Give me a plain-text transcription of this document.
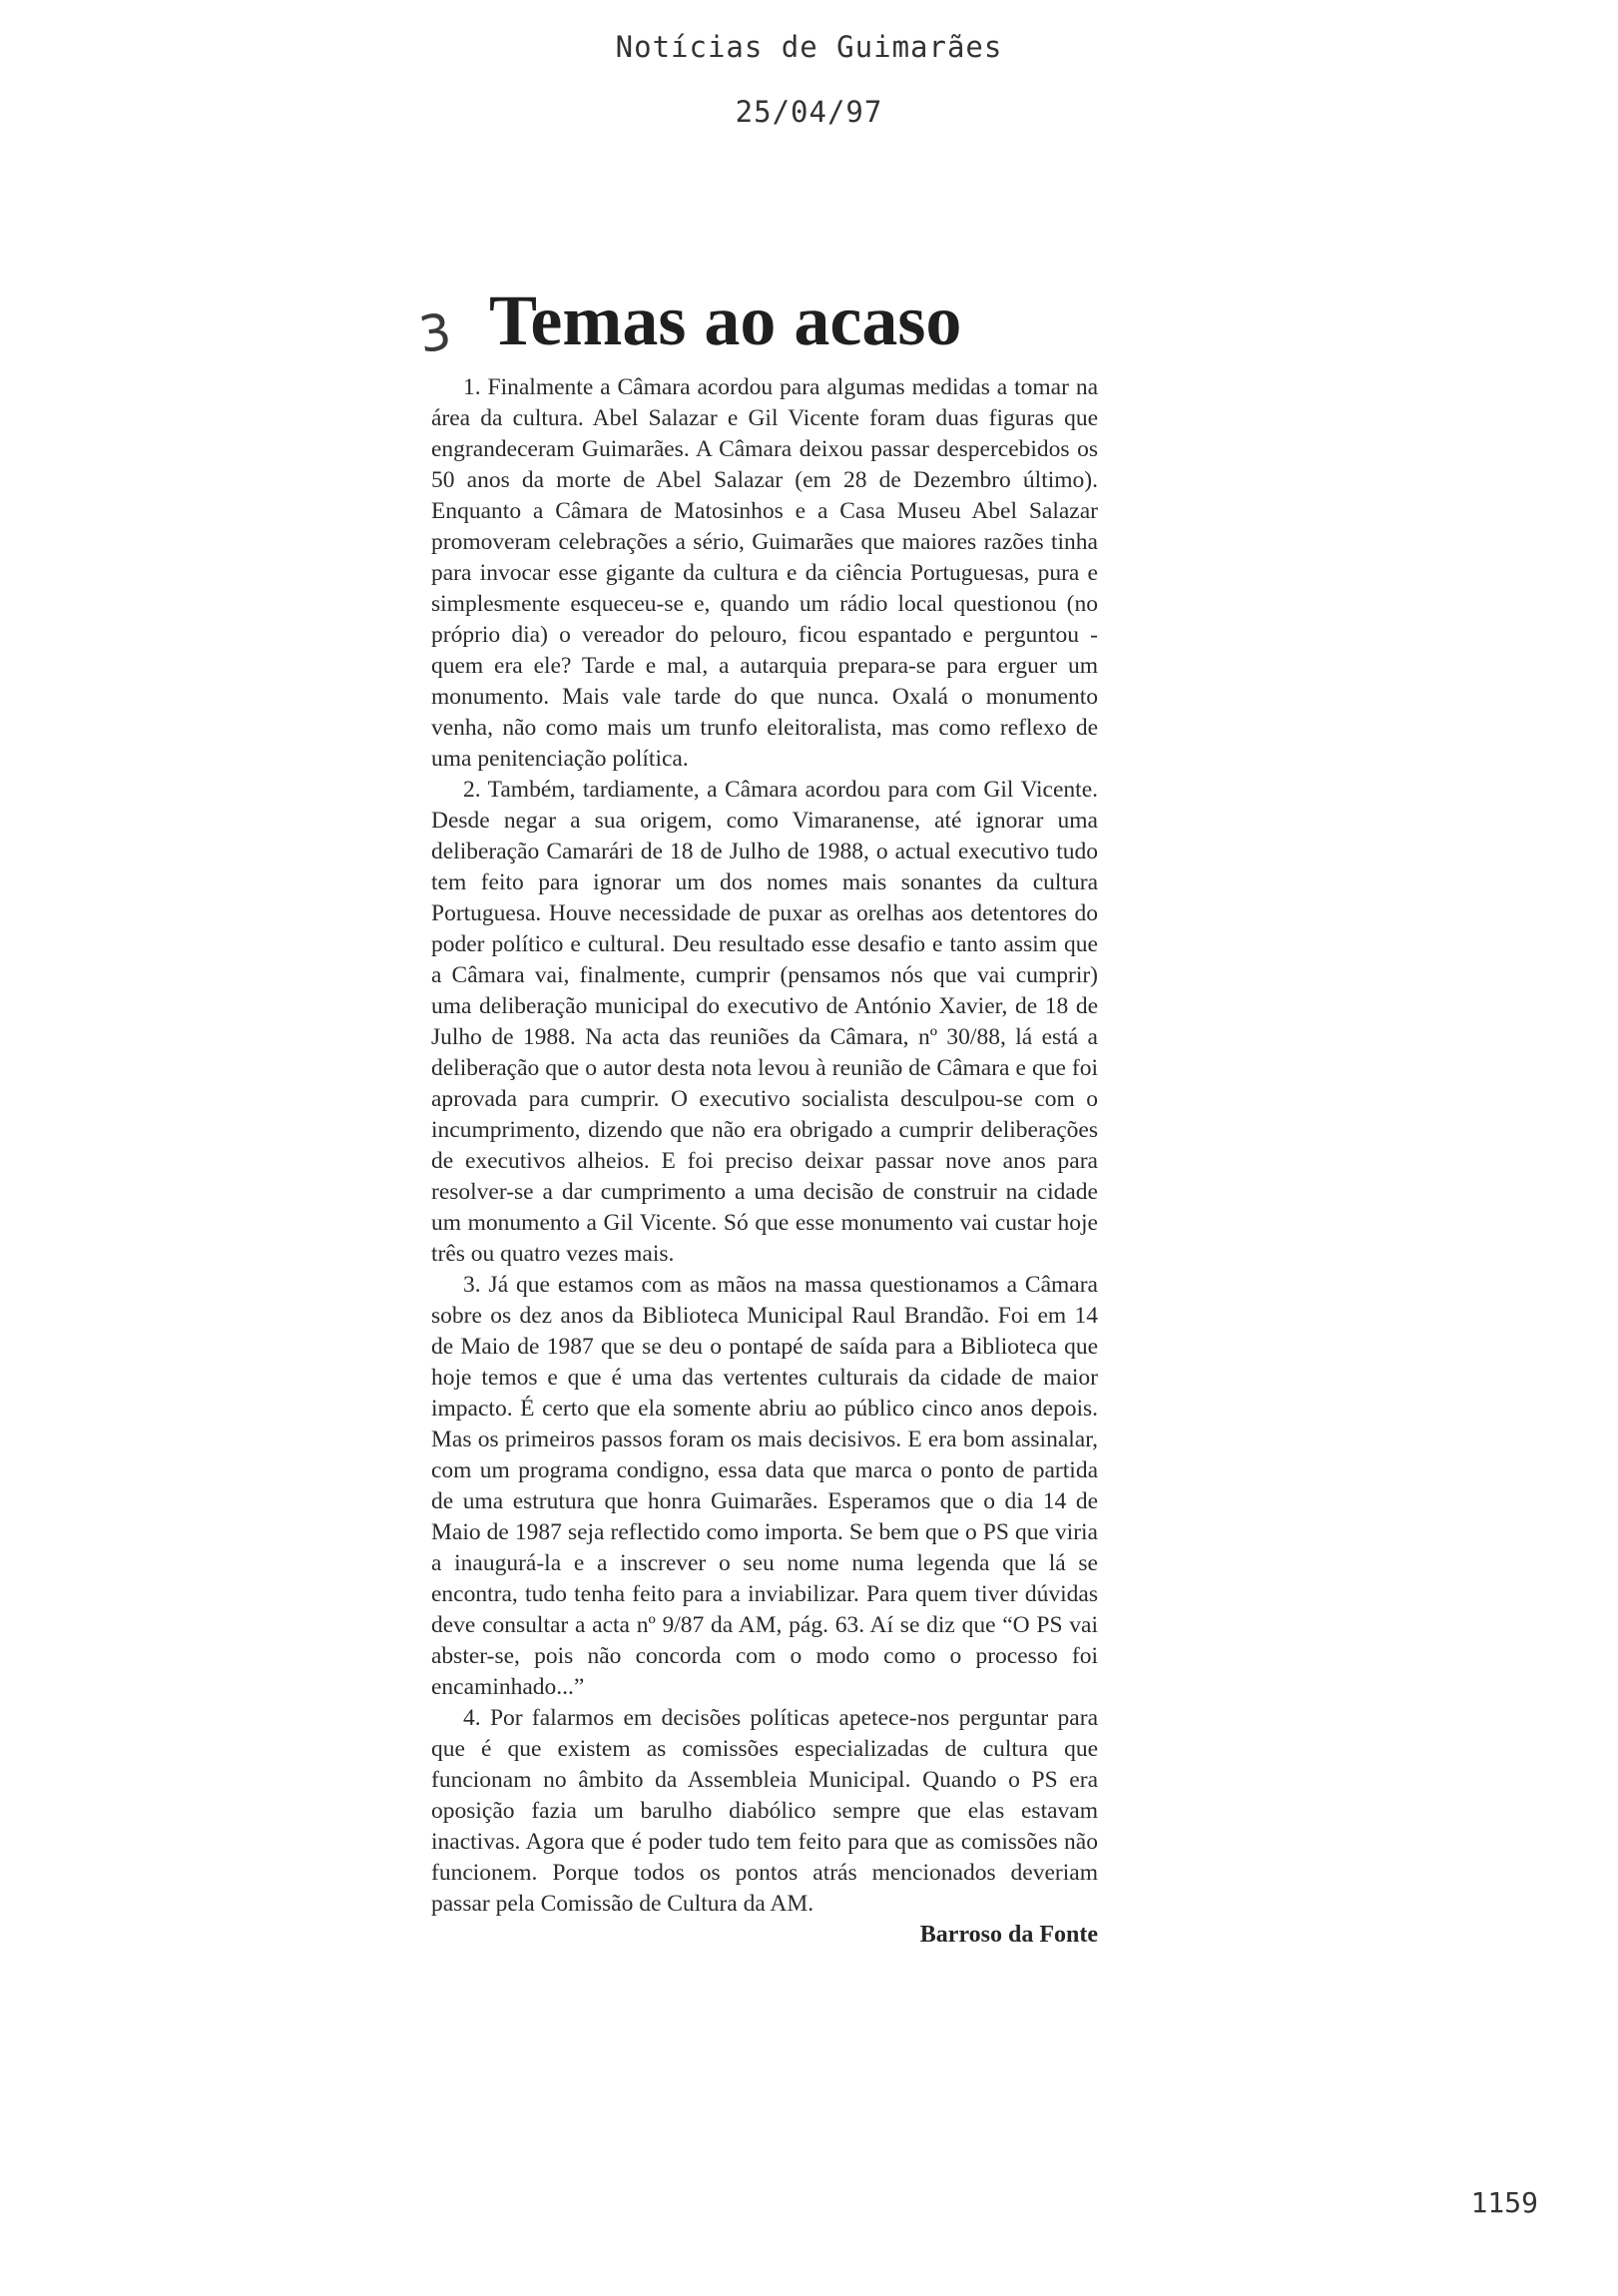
Notícias de Guimarães
25/04/97
3 Temas ao acaso

1. Finalmente a Câmara acordou para algumas medidas a tomar na área da cultura. Abel Salazar e Gil Vicente foram duas figuras que engrandeceram Guimarães. A Câmara deixou passar despercebidos os 50 anos da morte de Abel Salazar (em 28 de Dezembro último). Enquanto a Câmara de Matosinhos e a Casa Museu Abel Salazar promoveram celebrações a sério, Guimarães que maiores razões tinha para invocar esse gigante da cultura e da ciência Portuguesas, pura e simplesmente esqueceu-se e, quando um rádio local questionou (no próprio dia) o vereador do pelouro, ficou espantado e perguntou - quem era ele? Tarde e mal, a autarquia prepara-se para erguer um monumento. Mais vale tarde do que nunca. Oxalá o monumento venha, não como mais um trunfo eleitoralista, mas como reflexo de uma penitenciação política.

2. Também, tardiamente, a Câmara acordou para com Gil Vicente. Desde negar a sua origem, como Vimaranense, até ignorar uma deliberação Camarári de 18 de Julho de 1988, o actual executivo tudo tem feito para ignorar um dos nomes mais sonantes da cultura Portuguesa. Houve necessidade de puxar as orelhas aos detentores do poder político e cultural. Deu resultado esse desafio e tanto assim que a Câmara vai, finalmente, cumprir (pensamos nós que vai cumprir) uma deliberação municipal do executivo de António Xavier, de 18 de Julho de 1988. Na acta das reuniões da Câmara, nº 30/88, lá está a deliberação que o autor desta nota levou à reunião de Câmara e que foi aprovada para cumprir. O executivo socialista desculpou-se com o incumprimento, dizendo que não era obrigado a cumprir deliberações de executivos alheios. E foi preciso deixar passar nove anos para resolver-se a dar cumprimento a uma decisão de construir na cidade um monumento a Gil Vicente. Só que esse monumento vai custar hoje três ou quatro vezes mais.

3. Já que estamos com as mãos na massa questionamos a Câmara sobre os dez anos da Biblioteca Municipal Raul Brandão. Foi em 14 de Maio de 1987 que se deu o pontapé de saída para a Biblioteca que hoje temos e que é uma das vertentes culturais da cidade de maior impacto. É certo que ela somente abriu ao público cinco anos depois. Mas os primeiros passos foram os mais decisivos. E era bom assinalar, com um programa condigno, essa data que marca o ponto de partida de uma estrutura que honra Guimarães. Esperamos que o dia 14 de Maio de 1987 seja reflectido como importa. Se bem que o PS que viria a inaugurá-la e a inscrever o seu nome numa legenda que lá se encontra, tudo tenha feito para a inviabilizar. Para quem tiver dúvidas deve consultar a acta nº 9/87 da AM, pág. 63. Aí se diz que “O PS vai abster-se, pois não concorda com o modo como o processo foi encaminhado...”

4. Por falarmos em decisões políticas apetece-nos perguntar para que é que existem as comissões especializadas de cultura que funcionam no âmbito da Assembleia Municipal. Quando o PS era oposição fazia um barulho diabólico sempre que elas estavam inactivas. Agora que é poder tudo tem feito para que as comissões não funcionem. Porque todos os pontos atrás mencionados deveriam passar pela Comissão de Cultura da AM.

Barroso da Fonte
1159
